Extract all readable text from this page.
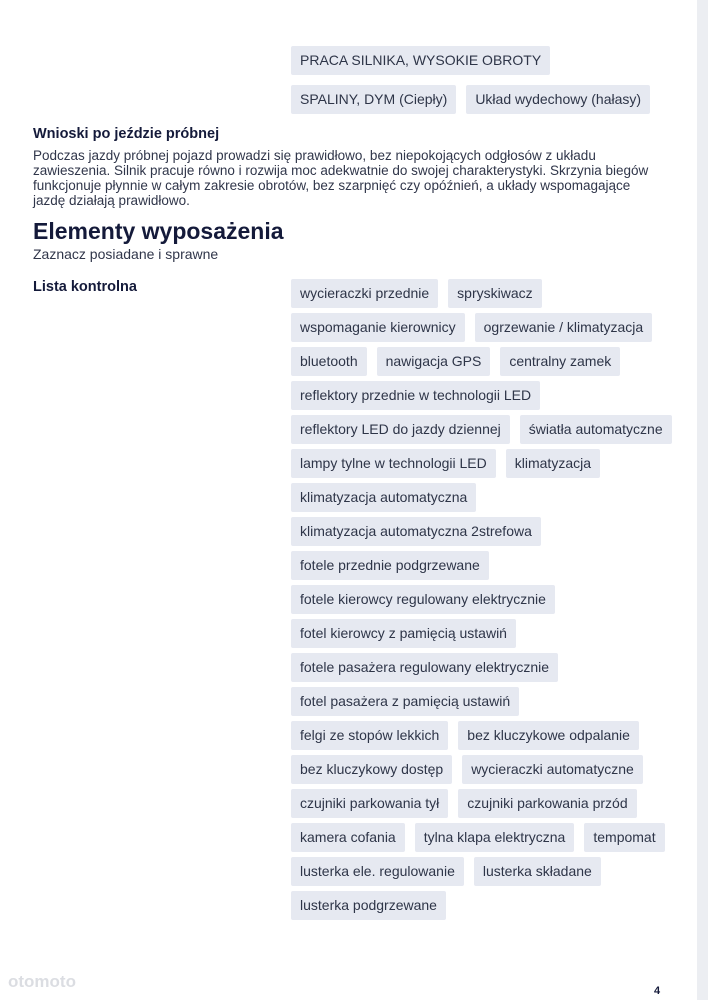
PRACA SILNIKA, WYSOKIE OBROTY
SPALINY, DYM (Ciepły)	Układ wydechowy (hałasy)
Wnioski po jeździe próbnej
Podczas jazdy próbnej pojazd prowadzi się prawidłowo, bez niepokojących odgłosów z układu zawieszenia. Silnik pracuje równo i rozwija moc adekwatnie do swojej charakterystyki. Skrzynia biegów funkcjonuje płynnie w całym zakresie obrotów, bez szarpnięć czy opóźnień, a układy wspomagające jazdę działają prawidłowo.
Elementy wyposażenia
Zaznacz posiadane i sprawne
Lista kontrolna	wycieraczki przednie	spryskiwacz
wspomaganie kierownicy	ogrzewanie / klimatyzacja
bluetooth	nawigacja GPS	centralny zamek
reflektory przednie w technologii LED
reflektory LED do jazdy dziennej	światła automatyczne
lampy tylne w technologii LED	klimatyzacja
klimatyzacja automatyczna
klimatyzacja automatyczna 2strefowa
fotele przednie podgrzewane
fotele kierowcy regulowany elektrycznie
fotel kierowcy z pamięcią ustawiń
fotele pasażera regulowany elektrycznie
fotel pasażera z pamięcią ustawiń
felgi ze stopów lekkich	bez kluczykowe odpalanie
bez kluczykowy dostęp	wycieraczki automatyczne
czujniki parkowania tył	czujniki parkowania przód
kamera cofania	tylna klapa elektryczna	tempomat
lusterka ele. regulowanie	lusterka składane
lusterka podgrzewane
4
otomoto
